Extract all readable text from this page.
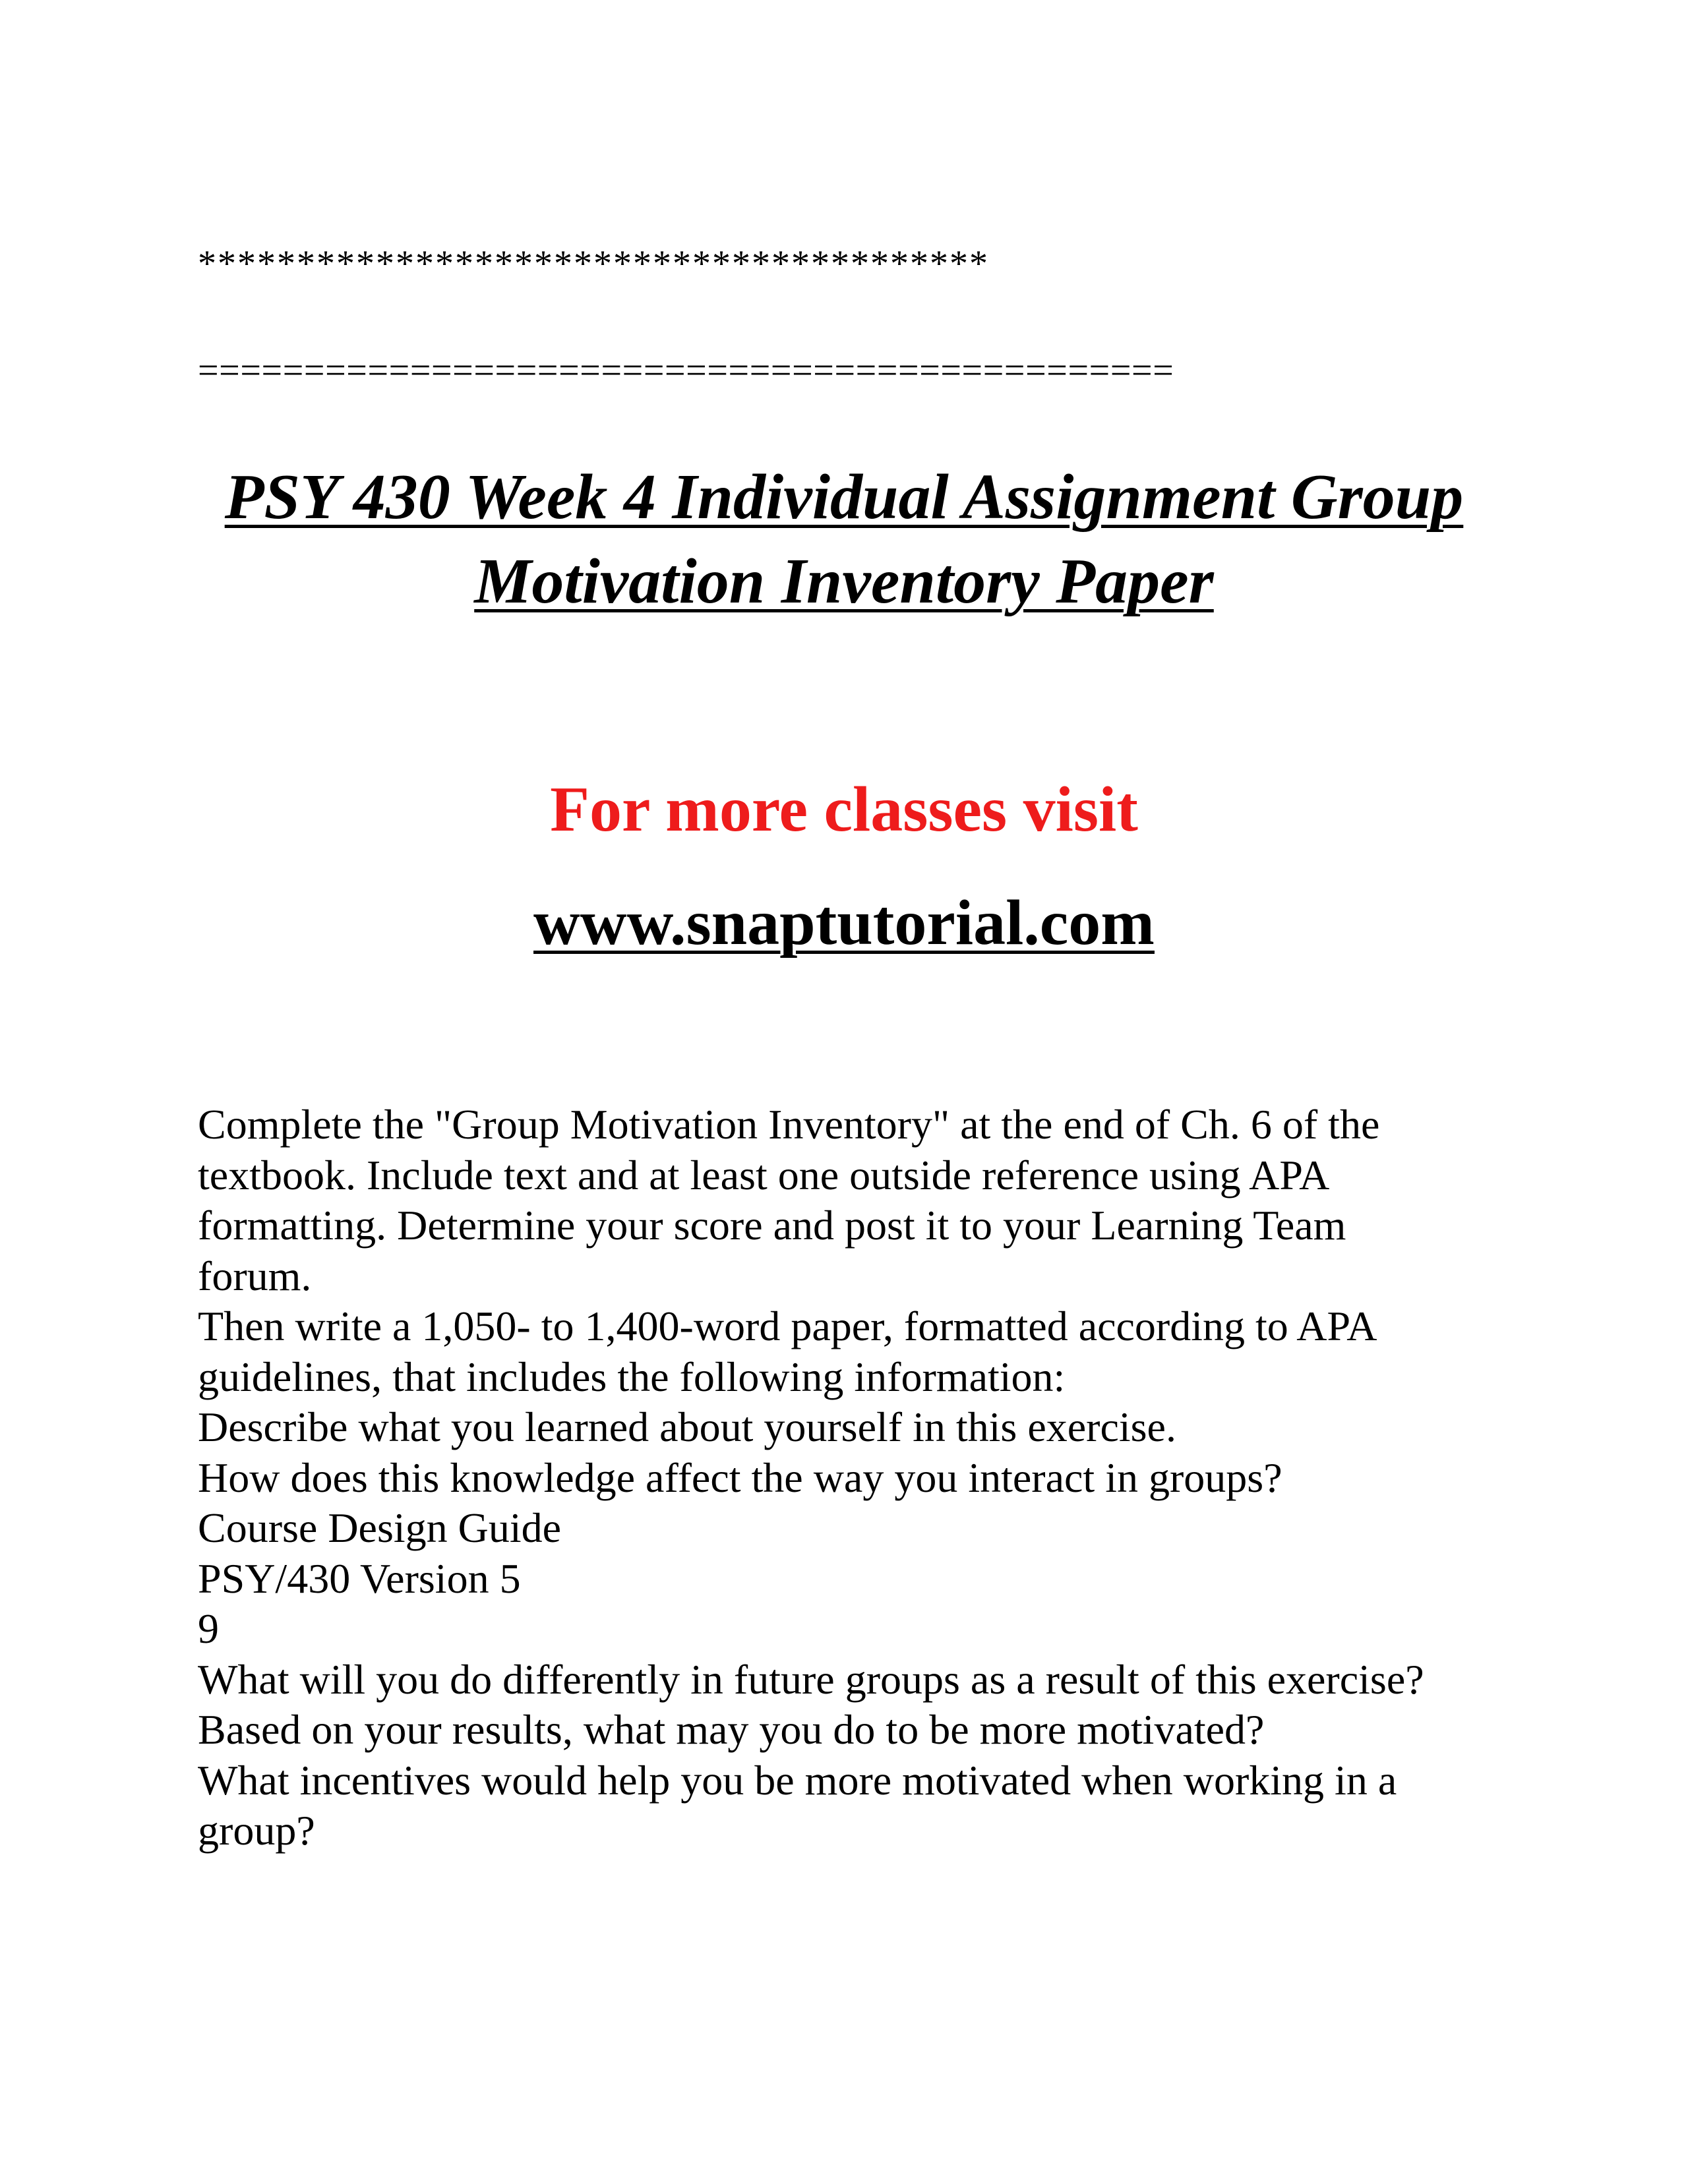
****************************************
==============================================
PSY 430 Week 4 Individual Assignment Group
Motivation Inventory Paper
For more classes visit
www.snaptutorial.com
Complete the "Group Motivation Inventory" at the end of Ch. 6 of the
textbook. Include text and at least one outside reference using APA
formatting. Determine your score and post it to your Learning Team
forum.
Then write a 1,050- to 1,400-word paper, formatted according to APA
guidelines, that includes the following information:
Describe what you learned about yourself in this exercise.
How does this knowledge affect the way you interact in groups?
Course Design Guide
PSY/430 Version 5
9
What will you do differently in future groups as a result of this exercise?
Based on your results, what may you do to be more motivated?
What incentives would help you be more motivated when working in a
group?
